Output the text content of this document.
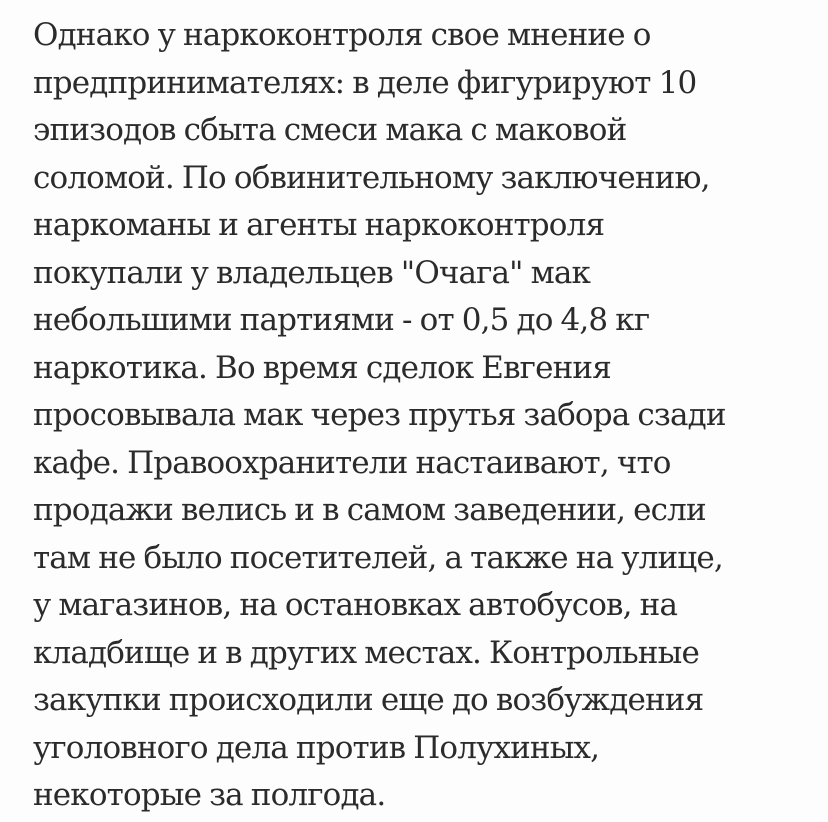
Однако у наркоконтроля свое мнение о
предпринимателях: в деле фигурируют 10
эпизодов сбыта смеси мака с маковой
соломой. По обвинительному заключению,
наркоманы и агенты наркоконтроля
покупали у владельцев "Очага" мак
небольшими партиями - от 0,5 до 4,8 кг
наркотика. Во время сделок Евгения
просовывала мак через прутья забора сзади
кафе. Правоохранители настаивают, что
продажи велись и в самом заведении, если
там не было посетителей, а также на улице,
у магазинов, на остановках автобусов, на
кладбище и в других местах. Контрольные
закупки происходили еще до возбуждения
уголовного дела против Полухиных,
некоторые за полгода.
